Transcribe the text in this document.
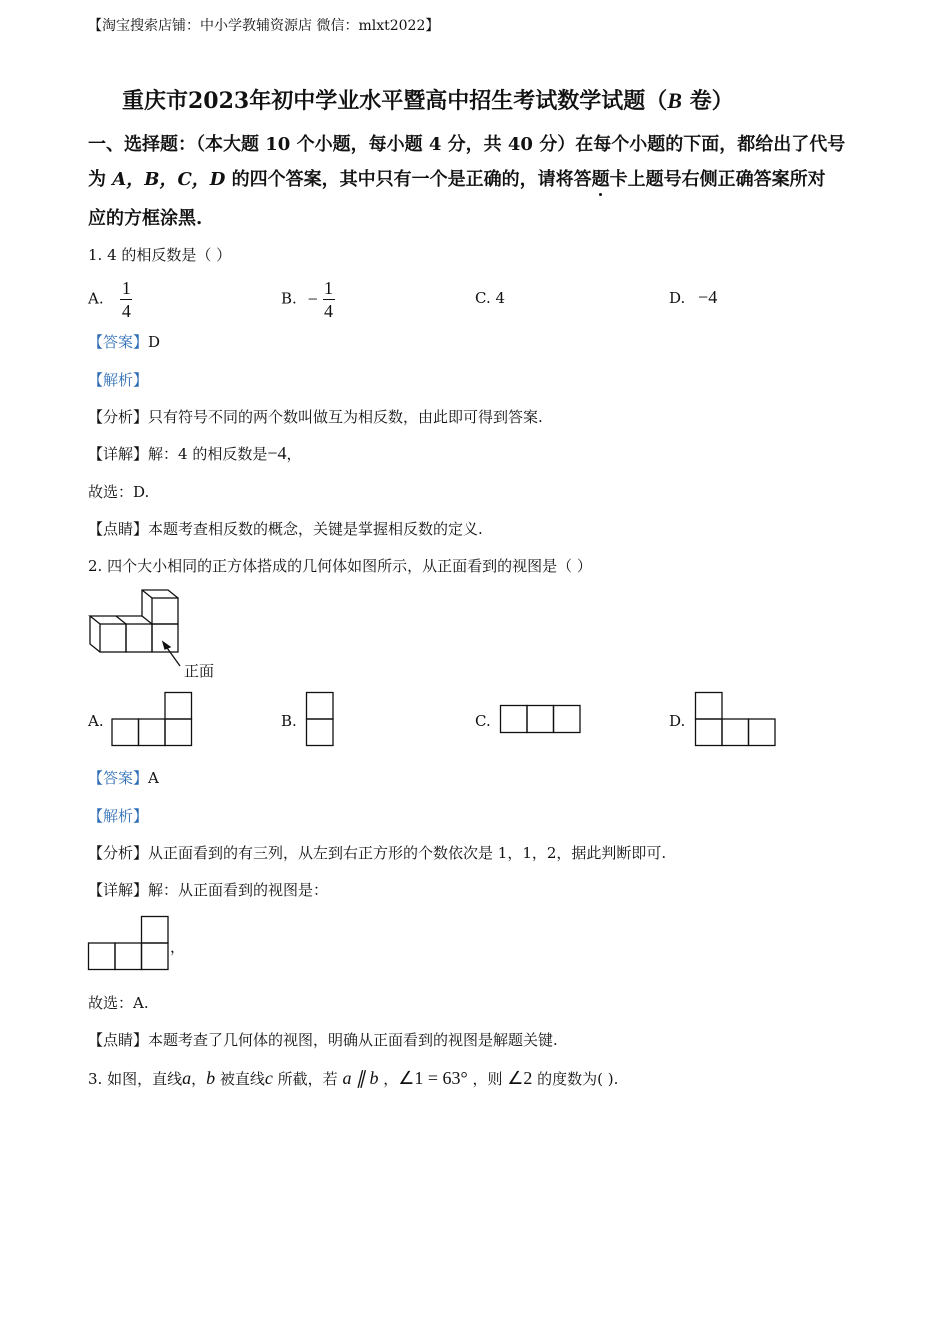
【淘宝搜索店铺：中小学教辅资源店 微信：mlxt2022】
重庆市2023年初中学业水平暨高中招生考试数学试题（B 卷）
一、选择题：（本大题 10 个小题，每小题 4 分，共 40 分）在每个小题的下面，都给出了代号
为 A，B，C，D 的四个答案，其中只有一个是正确的，请将答题卡上题号右侧正确答案所对
应的方框涂黑.
1. 4 的相反数是（ ）
A. $\frac{1}{4}$	B. − $\frac{1}{4}$	C. 4	D. −4
【答案】D
【解析】
【分析】只有符号不同的两个数叫做互为相反数，由此即可得到答案.
【详解】解：4 的相反数是−4，
故选：D.
【点睛】本题考查相反数的概念，关键是掌握相反数的定义.
2. 四个大小相同的正方体搭成的几何体如图所示，从正面看到的视图是（ ）
正面
A.	B.	C.	D.
【答案】A
【解析】
【分析】从正面看到的有三列，从左到右正方形的个数依次是 1，1，2，据此判断即可.
【详解】解：从正面看到的视图是：
，
故选：A.
【点睛】本题考查了几何体的视图，明确从正面看到的视图是解题关键.
3. 如图，直线a，b 被直线c 所截，若 a ∥ b ，∠1 = 63° ，则 ∠2 的度数为( ).
